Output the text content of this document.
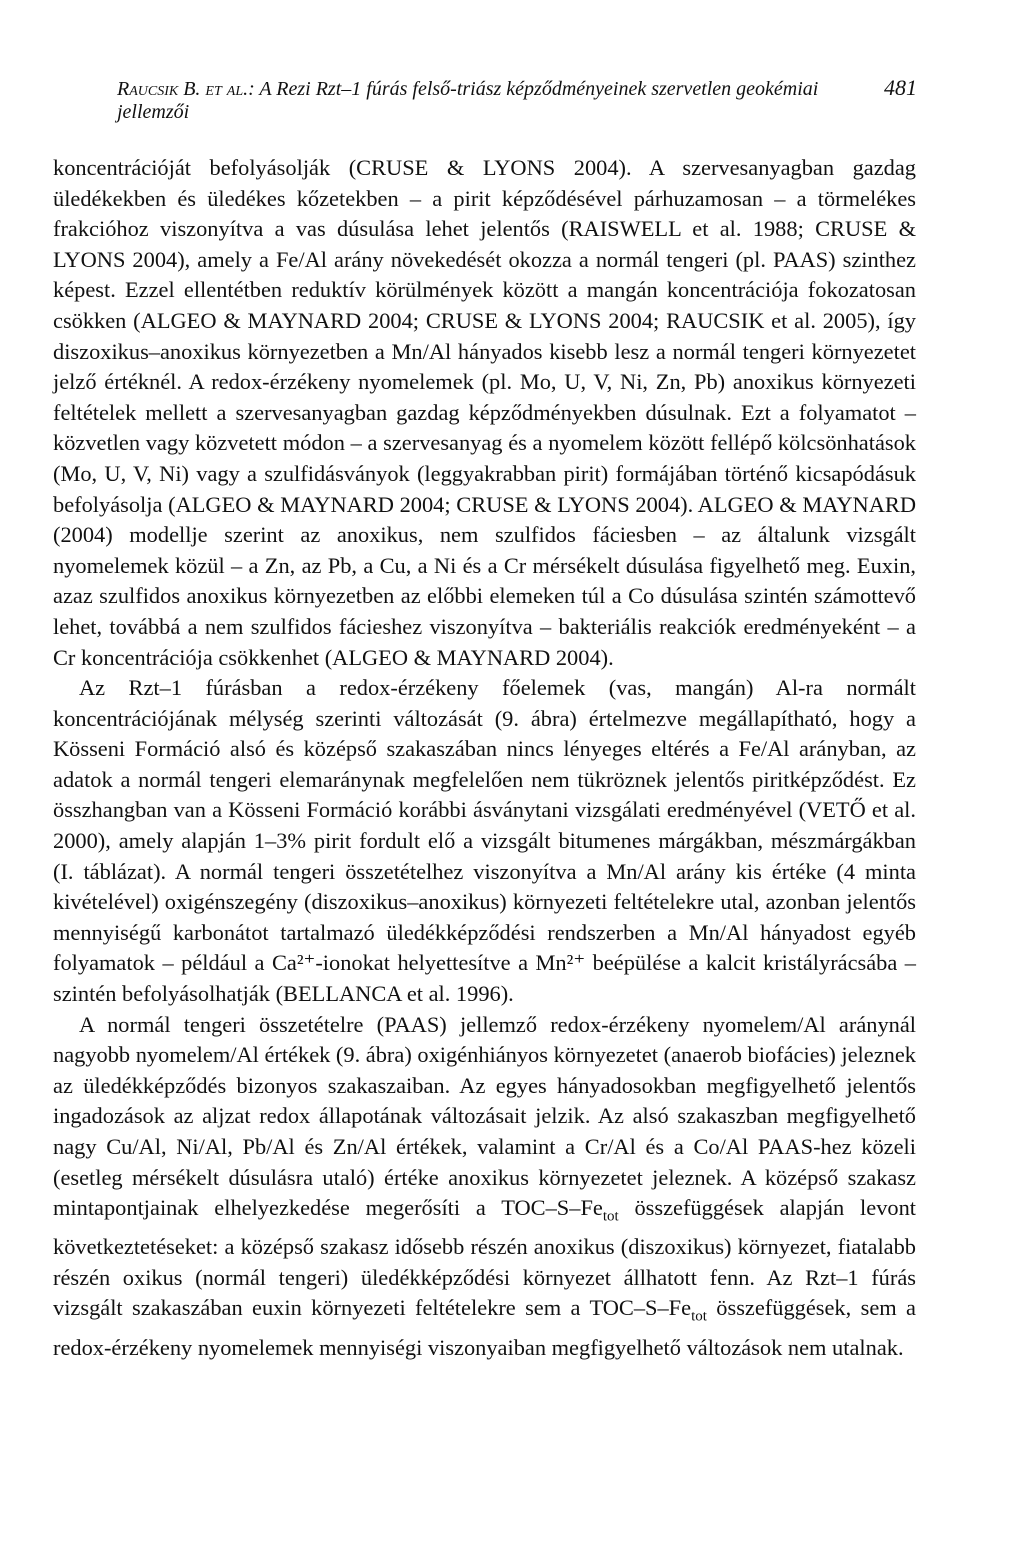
Raucsik B. et al.: A Rezi Rzt–1 fúrás felső-triász képződményeinek szervetlen geokémiai jellemzői
481

koncentrációját befolyásolják (CRUSE & LYONS 2004). A szervesanyagban gazdag üledékekben és üledékes kőzetekben – a pirit képződésével párhuzamosan – a törmelékes frakcióhoz viszonyítva a vas dúsulása lehet jelentős (RAISWELL et al. 1988; CRUSE & LYONS 2004), amely a Fe/Al arány növekedését okozza a normál tengeri (pl. PAAS) szinthez képest. Ezzel ellentétben reduktív körülmények között a mangán koncentrációja fokozatosan csökken (ALGEO & MAYNARD 2004; CRUSE & LYONS 2004; RAUCSIK et al. 2005), így diszoxikus–anoxikus környezetben a Mn/Al hányados kisebb lesz a normál tengeri környezetet jelző értéknél. A redox-érzékeny nyomelemek (pl. Mo, U, V, Ni, Zn, Pb) anoxikus környezeti feltételek mellett a szervesanyagban gazdag képződményekben dúsulnak. Ezt a folyamatot – közvetlen vagy közvetett módon – a szervesanyag és a nyomelem között fellépő kölcsönhatások (Mo, U, V, Ni) vagy a szulfidásványok (leggyakrabban pirit) formájában történő kicsapódásuk befolyásolja (ALGEO & MAYNARD 2004; CRUSE & LYONS 2004). ALGEO & MAYNARD (2004) modellje szerint az anoxikus, nem szulfidos fáciesben – az általunk vizsgált nyomelemek közül – a Zn, az Pb, a Cu, a Ni és a Cr mérsékelt dúsulása figyelhető meg. Euxin, azaz szulfidos anoxikus környezetben az előbbi elemeken túl a Co dúsulása szintén számottevő lehet, továbbá a nem szulfidos fácieshez viszonyítva – bakteriális reakciók eredményeként – a Cr koncentrációja csökkenhet (ALGEO & MAYNARD 2004).

Az Rzt–1 fúrásban a redox-érzékeny főelemek (vas, mangán) Al-ra normált koncentrációjának mélység szerinti változását (9. ábra) értelmezve megállapítható, hogy a Kösseni Formáció alsó és középső szakaszában nincs lényeges eltérés a Fe/Al arányban, az adatok a normál tengeri elemaránynak megfelelően nem tükröznek jelentős piritképződést. Ez összhangban van a Kösseni Formáció korábbi ásványtani vizsgálati eredményével (VETŐ et al. 2000), amely alapján 1–3% pirit fordult elő a vizsgált bitumenes márgákban, mészmárgákban (I. táblázat). A normál tengeri összetételhez viszonyítva a Mn/Al arány kis értéke (4 minta kivételével) oxigénszegény (diszoxikus–anoxikus) környezeti feltételekre utal, azonban jelentős mennyiségű karbonátot tartalmazó üledékképződési rendszerben a Mn/Al hányadost egyéb folyamatok – például a Ca²⁺-ionokat helyettesítve a Mn²⁺ beépülése a kalcit kristályrácsába – szintén befolyásolhatják (BELLANCA et al. 1996).

A normál tengeri összetételre (PAAS) jellemző redox-érzékeny nyomelem/Al aránynál nagyobb nyomelem/Al értékek (9. ábra) oxigénhiányos környezetet (anaerob biofácies) jeleznek az üledékképződés bizonyos szakaszaiban. Az egyes hányadosokban megfigyelhető jelentős ingadozások az aljzat redox állapotának változásait jelzik. Az alsó szakaszban megfigyelhető nagy Cu/Al, Ni/Al, Pb/Al és Zn/Al értékek, valamint a Cr/Al és a Co/Al PAAS-hez közeli (esetleg mérsékelt dúsulásra utaló) értéke anoxikus környezetet jeleznek. A középső szakasz mintapontjainak elhelyezkedése megerősíti a TOC–$S-Fe_{tot}$ összefüggések alapján levont következtetéseket: a középső szakasz idősebb részén anoxikus (diszoxikus) környezet, fiatalabb részén oxikus (normál tengeri) üledékképződési környezet állhatott fenn. Az Rzt–1 fúrás vizsgált szakaszában euxin környezeti feltételekre sem a TOC–$S-Fe_{tot}$ összefüggések, sem a redox-érzékeny nyomelemek mennyiségi viszonyaiban megfigyelhető változások nem utalnak.
